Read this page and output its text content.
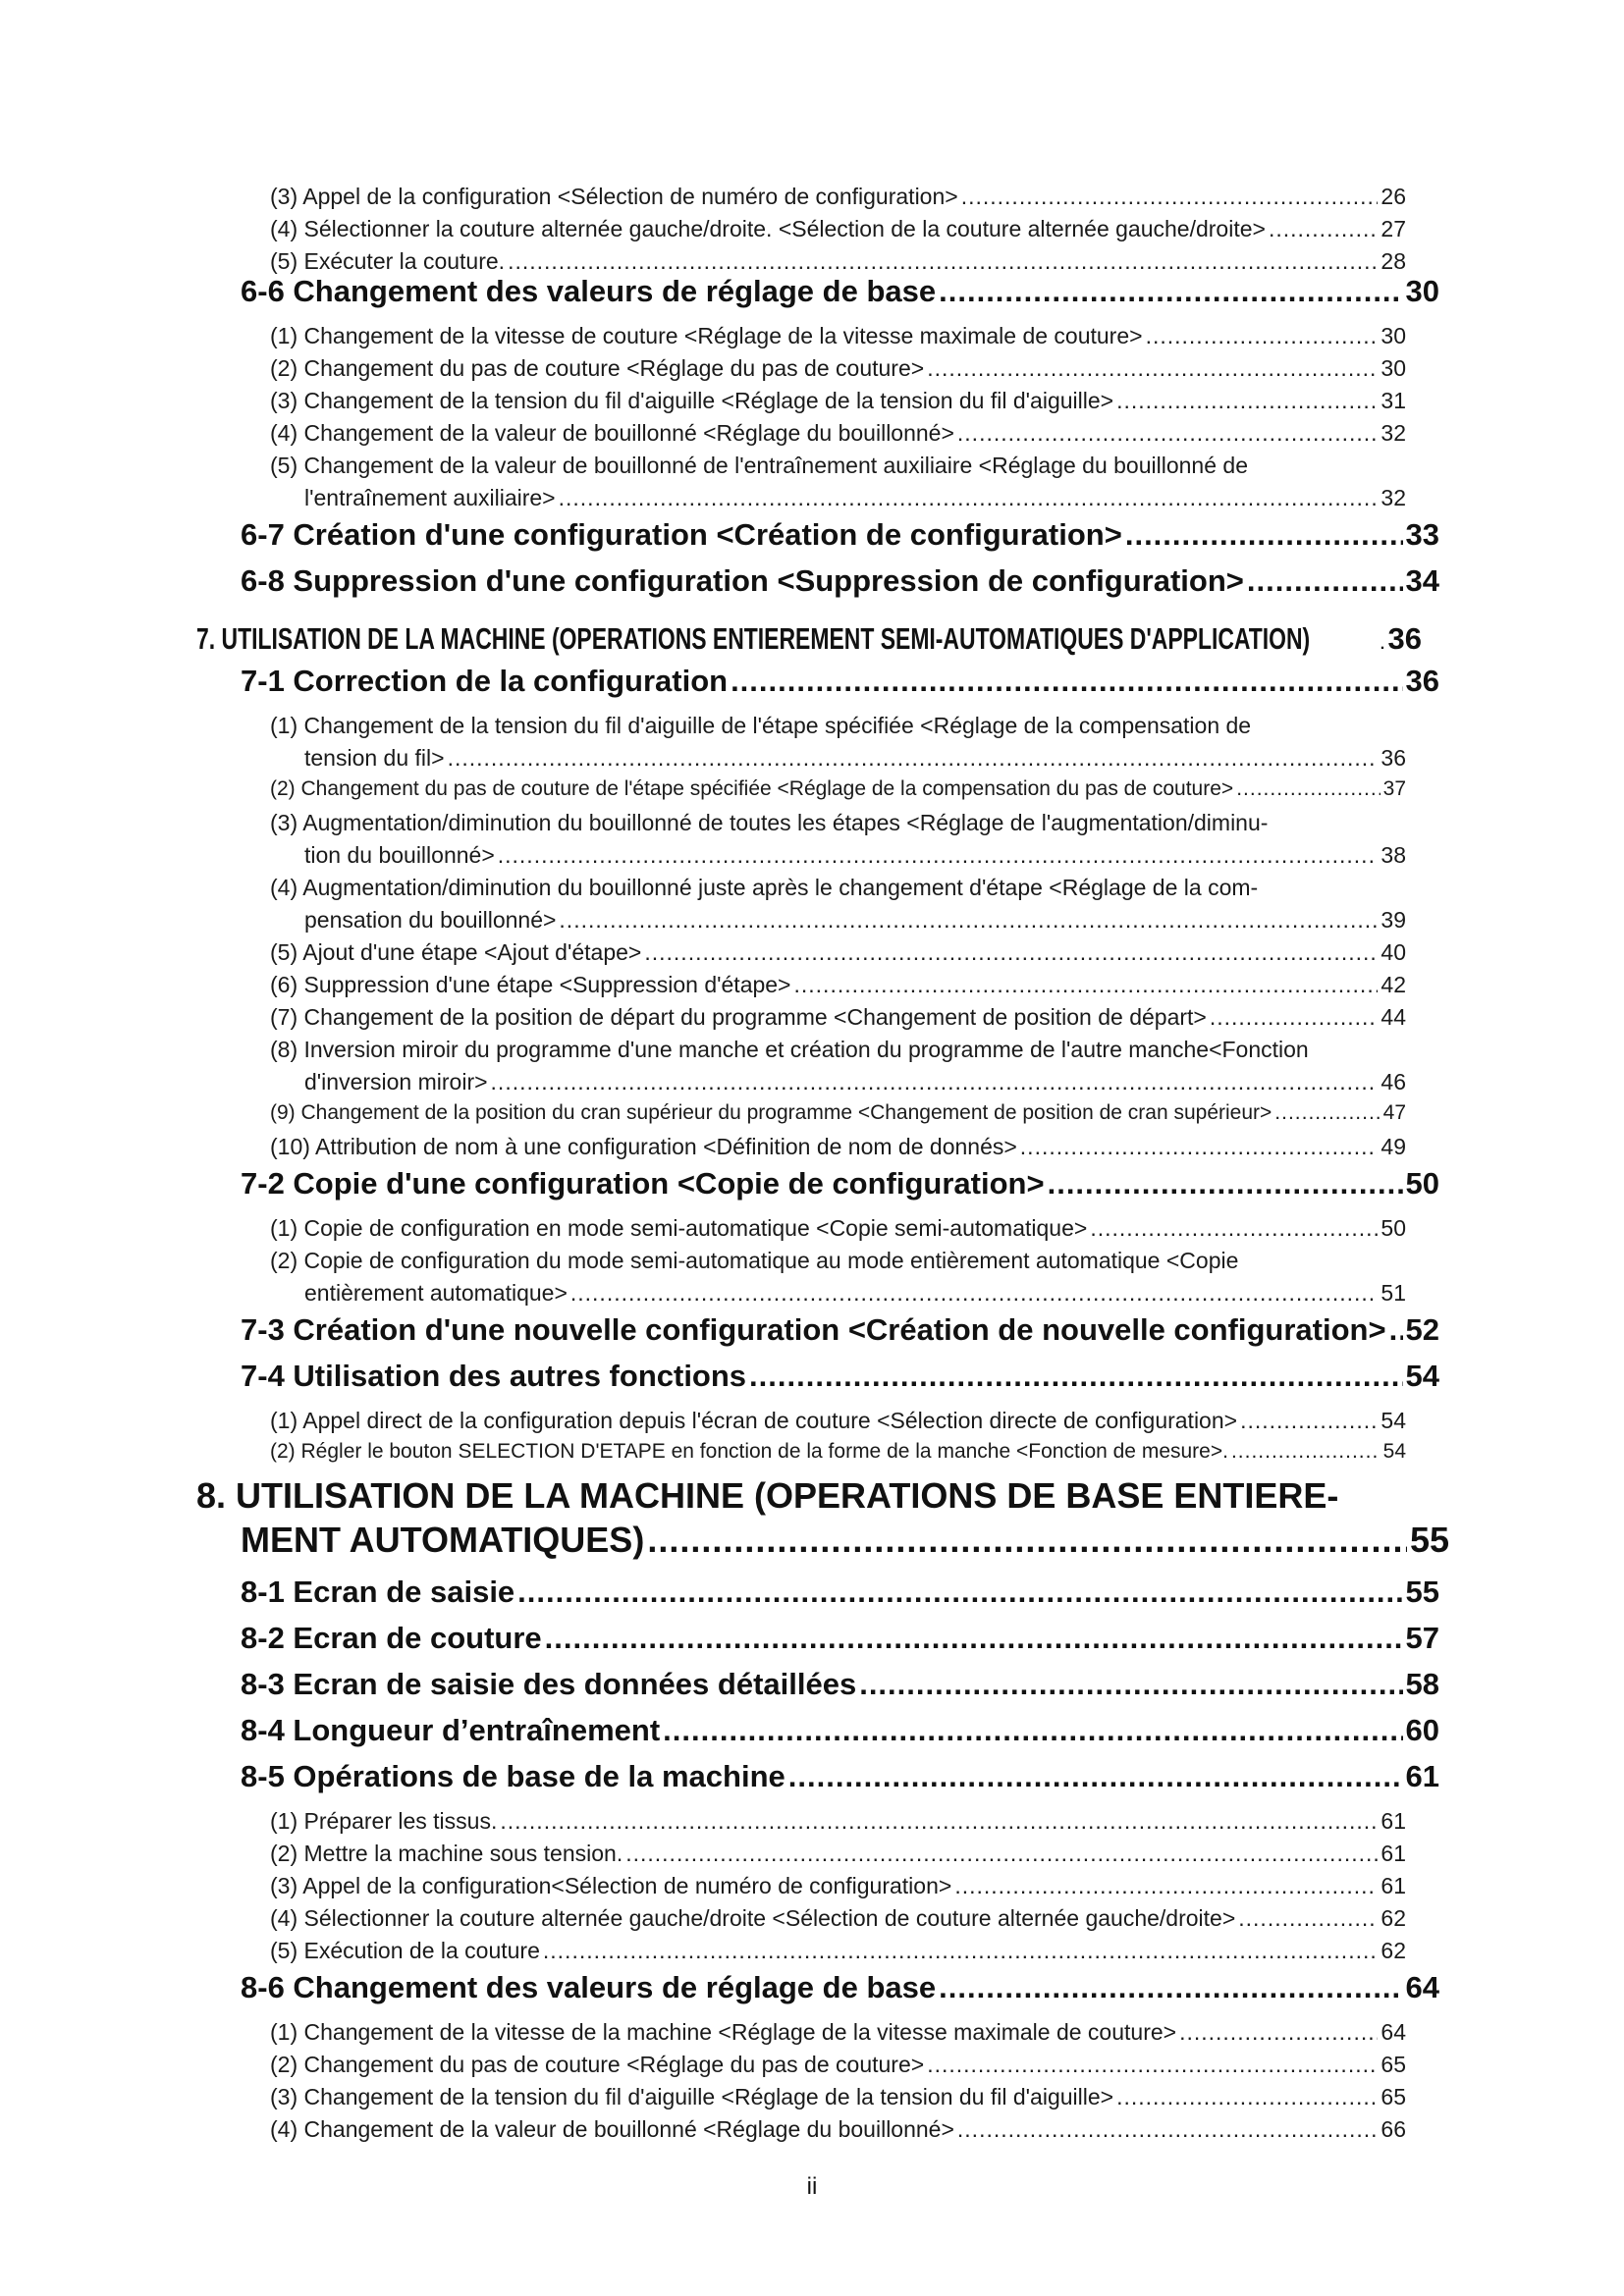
(3) Appel de la configuration <Sélection de numéro de configuration> .....	26
(4) Sélectionner la couture alternée gauche/droite. <Sélection de la couture alternée gauche/droite> .....	27
(5) Exécuter la couture. .....	28
6-6 Changement des valeurs de réglage de base .....	30
(1) Changement de la vitesse de couture <Réglage de la vitesse maximale de couture> .....	30
(2) Changement du pas de couture <Réglage du pas de couture> .....	30
(3) Changement de la tension du fil d'aiguille <Réglage de la tension du fil d'aiguille> .....	31
(4) Changement de la valeur de bouillonné <Réglage du bouillonné> .....	32
(5) Changement de la valeur de bouillonné de l'entraînement auxiliaire <Réglage du bouillonné de
l'entraînement auxiliaire> .....	32
6-7 Création d'une configuration <Création de configuration> .....	33
6-8 Suppression d'une configuration <Suppression de configuration> .....	34
7. UTILISATION DE LA MACHINE (OPERATIONS ENTIEREMENT SEMI-AUTOMATIQUES D'APPLICATION) .....	36
7-1 Correction de la configuration .....	36
(1) Changement de la tension du fil d'aiguille de l'étape spécifiée <Réglage de la compensation de
tension du fil> .....	36
(2) Changement du pas de couture de l'étape spécifiée <Réglage de la compensation du pas de couture> .....	37
(3) Augmentation/diminution du bouillonné de toutes les étapes <Réglage de l'augmentation/diminu-
tion du bouillonné> .....	38
(4) Augmentation/diminution du bouillonné juste après le changement d'étape <Réglage de la com-
pensation du bouillonné> .....	39
(5) Ajout d'une étape <Ajout d'étape> .....	40
(6) Suppression d'une étape <Suppression d'étape> .....	42
(7) Changement de la position de départ du programme <Changement de position de départ> .....	44
(8) Inversion miroir du programme d'une manche et création du programme de l'autre manche<Fonction
d'inversion miroir> .....	46
(9) Changement de la position du cran supérieur du programme <Changement de position de cran supérieur> .....	47
(10) Attribution de nom à une configuration <Définition de nom de donnés> .....	49
7-2 Copie d'une configuration <Copie de configuration> .....	50
(1) Copie de configuration en mode semi-automatique <Copie semi-automatique> .....	50
(2) Copie de configuration du mode semi-automatique au mode entièrement automatique <Copie
entièrement automatique> .....	51
7-3 Création d'une nouvelle configuration <Création de nouvelle configuration> ..... 52
7-4 Utilisation des autres fonctions .....	54
(1) Appel direct de la configuration depuis l'écran de couture <Sélection directe de configuration> .....	54
(2) Régler le bouton SELECTION D'ETAPE en fonction de la forme de la manche <Fonction de mesure>. .....	54
8. UTILISATION DE LA MACHINE (OPERATIONS DE BASE ENTIERE-
MENT AUTOMATIQUES) .....	55
8-1 Ecran de saisie .....	55
8-2 Ecran de couture .....	57
8-3 Ecran de saisie des données détaillées .....	58
8-4 Longueur d’entraînement .....	60
8-5 Opérations de base de la machine .....	61
(1) Préparer les tissus. .....	61
(2) Mettre la machine sous tension. .....	61
(3) Appel de la configuration<Sélection de numéro de configuration> .....	61
(4) Sélectionner la couture alternée gauche/droite <Sélection de couture alternée gauche/droite> .....	62
(5) Exécution de la couture .....	62
8-6 Changement des valeurs de réglage de base .....	64
(1) Changement de la vitesse de la machine <Réglage de la vitesse maximale de couture> .....	64
(2) Changement du pas de couture <Réglage du pas de couture> .....	65
(3) Changement de la tension du fil d'aiguille <Réglage de la tension du fil d'aiguille> .....	65
(4) Changement de la valeur de bouillonné <Réglage du bouillonné> .....	66
ii
